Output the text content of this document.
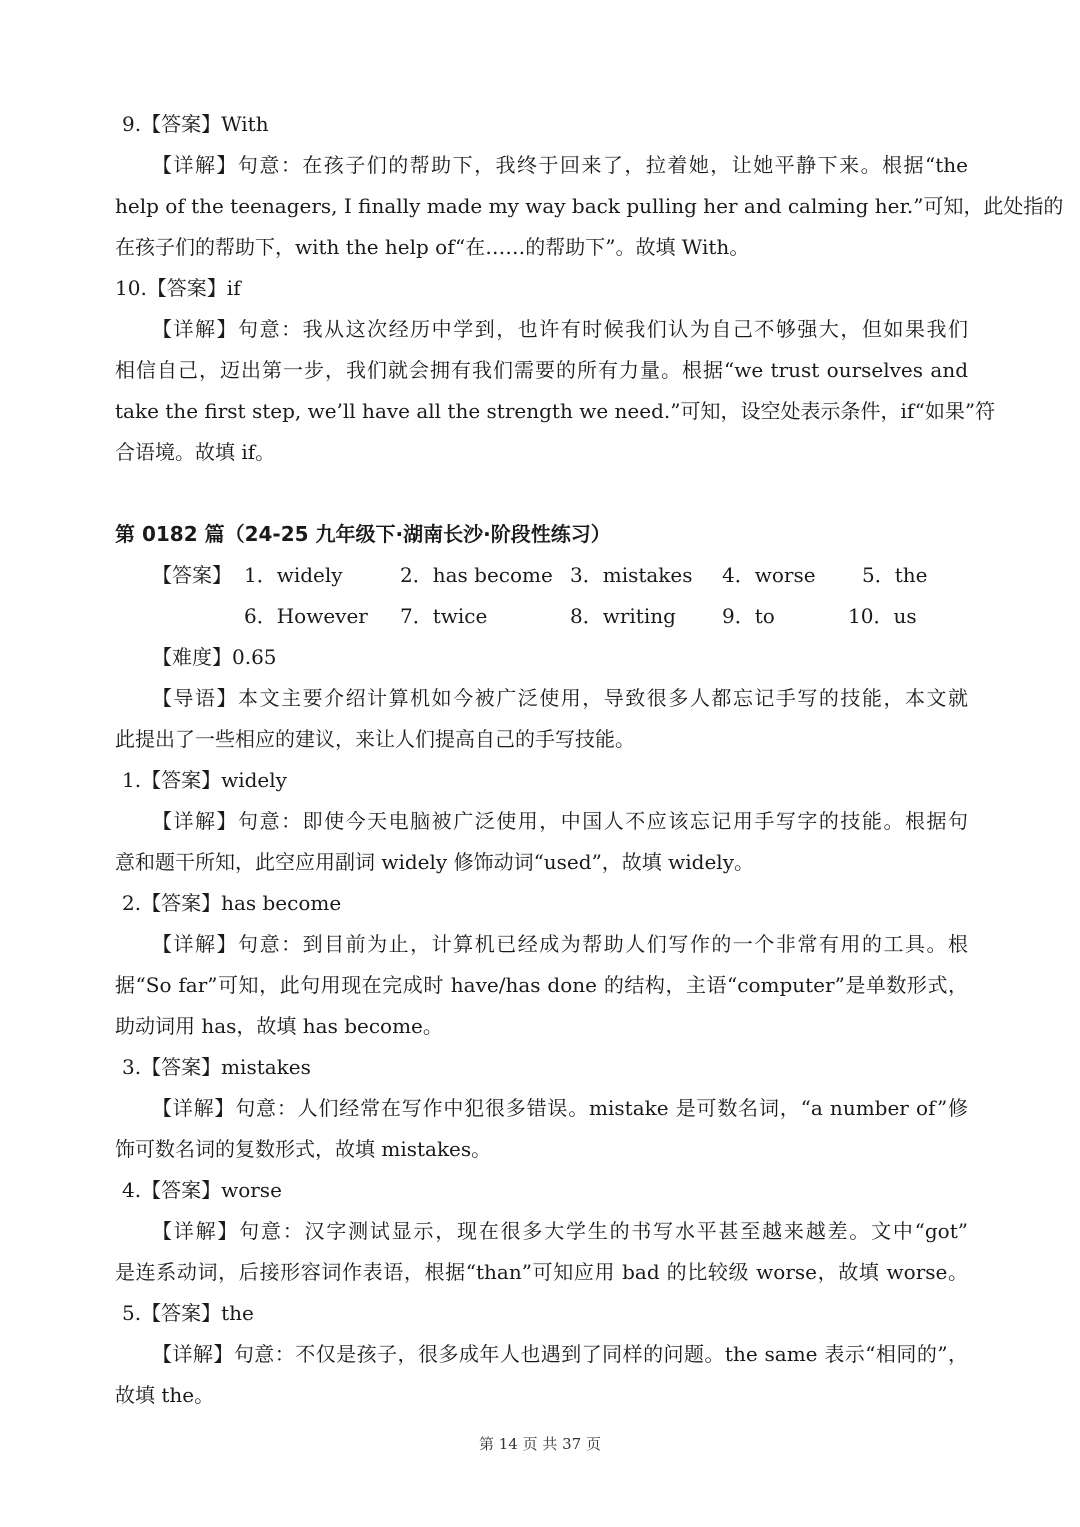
9.【答案】With
【详解】句意：在孩子们的帮助下，我终于回来了，拉着她，让她平静下来。根据“the
help of the teenagers, I finally made my way back pulling her and calming her.”可知，此处指的
在孩子们的帮助下，with the help of“在……的帮助下”。故填 With。
10.【答案】if
【详解】句意：我从这次经历中学到，也许有时候我们认为自己不够强大，但如果我们
相信自己，迈出第一步，我们就会拥有我们需要的所有力量。根据“we trust ourselves and
take the first step, we’ll have all the strength we need.”可知，设空处表示条件，if“如果”符
合语境。故填 if。
第 0182 篇（24-25 九年级下·湖南长沙·阶段性练习）
【答案】 1．widely	2．has become 3．mistakes 4．worse 5．the
6．However 7．twice	8．writing 9．to	10．us
【难度】0.65
【导语】本文主要介绍计算机如今被广泛使用，导致很多人都忘记手写的技能，本文就
此提出了一些相应的建议，来让人们提高自己的手写技能。
1.【答案】widely
【详解】句意：即使今天电脑被广泛使用，中国人不应该忘记用手写字的技能。根据句
意和题干所知，此空应用副词 widely 修饰动词“used”，故填 widely。
2.【答案】has become
【详解】句意：到目前为止，计算机已经成为帮助人们写作的一个非常有用的工具。根
据“So far”可知，此句用现在完成时 have/has done 的结构，主语“computer”是单数形式，
助动词用 has，故填 has become。
3.【答案】mistakes
【详解】句意：人们经常在写作中犯很多错误。mistake 是可数名词，“a number of”修
饰可数名词的复数形式，故填 mistakes。
4.【答案】worse
【详解】句意：汉字测试显示，现在很多大学生的书写水平甚至越来越差。文中“got”
是连系动词，后接形容词作表语，根据“than”可知应用 bad 的比较级 worse，故填 worse。
5.【答案】the
【详解】句意：不仅是孩子，很多成年人也遇到了同样的问题。the same 表示“相同的”，
故填 the。
第 14 页 共 37 页
